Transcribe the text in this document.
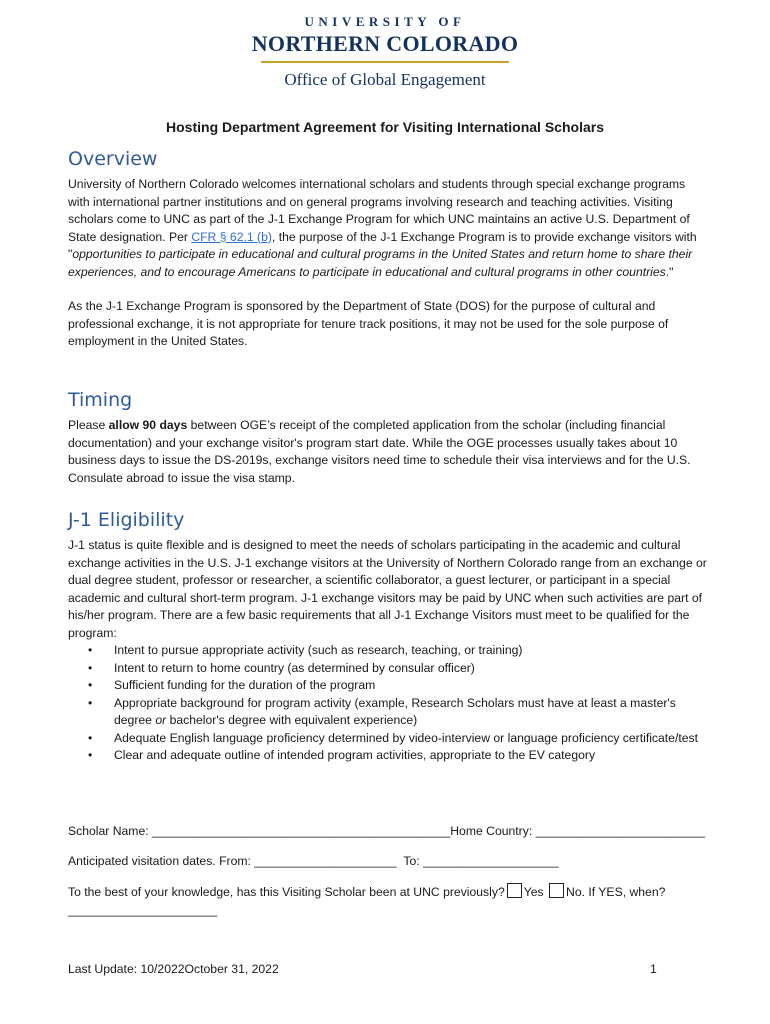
UNIVERSITY OF
NORTHERN COLORADO
Office of Global Engagement
Hosting Department Agreement for Visiting International Scholars
Overview

University of Northern Colorado welcomes international scholars and students through special exchange programs with international partner institutions and on general programs involving research and teaching activities. Visiting scholars come to UNC as part of the J-1 Exchange Program for which UNC maintains an active U.S. Department of State designation. Per CFR § 62.1 (b), the purpose of the J-1 Exchange Program is to provide exchange visitors with "opportunities to participate in educational and cultural programs in the United States and return home to share their experiences, and to encourage Americans to participate in educational and cultural programs in other countries."

As the J-1 Exchange Program is sponsored by the Department of State (DOS) for the purpose of cultural and professional exchange, it is not appropriate for tenure track positions, it may not be used for the sole purpose of employment in the United States.

Timing

Please allow 90 days between OGE’s receipt of the completed application from the scholar (including financial documentation) and your exchange visitor's program start date. While the OGE processes usually takes about 10 business days to issue the DS-2019s, exchange visitors need time to schedule their visa interviews and for the U.S. Consulate abroad to issue the visa stamp.

J-1 Eligibility

J-1 status is quite flexible and is designed to meet the needs of scholars participating in the academic and cultural exchange activities in the U.S. J-1 exchange visitors at the University of Northern Colorado range from an exchange or dual degree student, professor or researcher, a scientific collaborator, a guest lecturer, or participant in a special academic and cultural short-term program. J-1 exchange visitors may be paid by UNC when such activities are part of his/her program. There are a few basic requirements that all J-1 Exchange Visitors must meet to be qualified for the program:

• Intent to pursue appropriate activity (such as research, teaching, or training)
• Intent to return to home country (as determined by consular officer)
• Sufficient funding for the duration of the program
• Appropriate background for program activity (example, Research Scholars must have at least a master's degree or bachelor's degree with equivalent experience)
• Adequate English language proficiency determined by video-interview or language proficiency certificate/test
• Clear and adequate outline of intended program activities, appropriate to the EV category
Scholar Name: ____________________________________________Home Country: _________________________
Anticipated visitation dates. From: _____________________ To: ____________________
To the best of your knowledge, has this Visiting Scholar been at UNC previously? Yes No. If YES, when?
______________________
Last Update: 10/2022October 31, 2022	1
